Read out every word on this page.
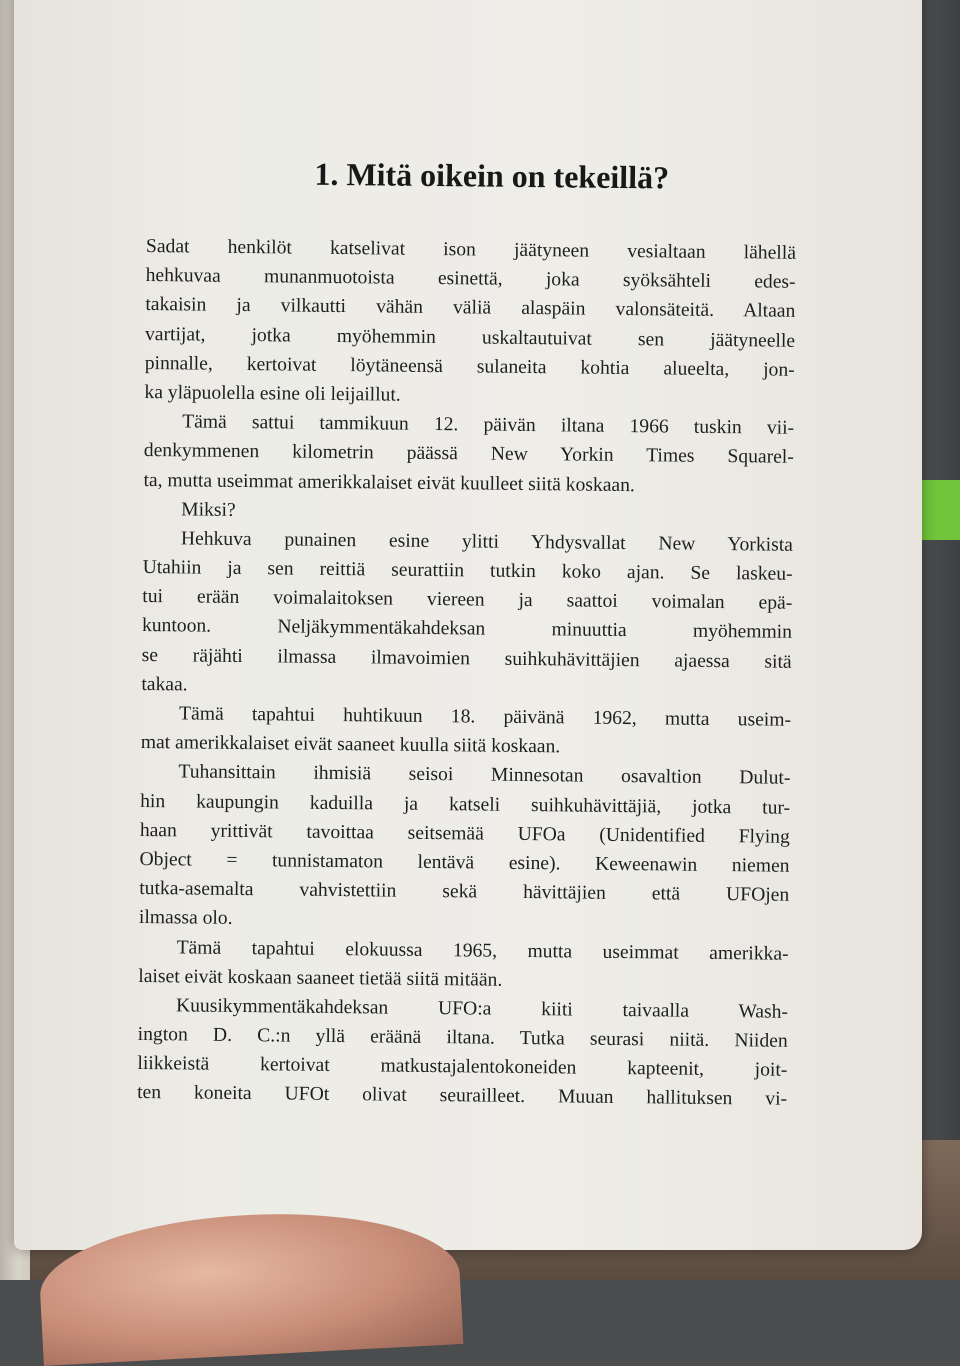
1. Mitä oikein on tekeillä?
Sadat henkilöt katselivat ison jäätyneen vesialtaan lähellä
hehkuvaa munanmuotoista esinettä, joka syöksähteli edes-
takaisin ja vilkautti vähän väliä alaspäin valonsäteitä. Altaan
vartijat, jotka myöhemmin uskaltautuivat sen jäätyneelle
pinnalle, kertoivat löytäneensä sulaneita kohtia alueelta, jon-
ka yläpuolella esine oli leijaillut.
Tämä sattui tammikuun 12. päivän iltana 1966 tuskin vii-
denkymmenen kilometrin päässä New Yorkin Times Squarel-
ta, mutta useimmat amerikkalaiset eivät kuulleet siitä koskaan.
Miksi?
Hehkuva punainen esine ylitti Yhdysvallat New Yorkista
Utahiin ja sen reittiä seurattiin tutkin koko ajan. Se laskeu-
tui erään voimalaitoksen viereen ja saattoi voimalan epä-
kuntoon. Neljäkymmentäkahdeksan minuuttia myöhemmin
se räjähti ilmassa ilmavoimien suihkuhävittäjien ajaessa sitä
takaa.
Tämä tapahtui huhtikuun 18. päivänä 1962, mutta useim-
mat amerikkalaiset eivät saaneet kuulla siitä koskaan.
Tuhansittain ihmisiä seisoi Minnesotan osavaltion Dulut-
hin kaupungin kaduilla ja katseli suihkuhävittäjiä, jotka tur-
haan yrittivät tavoittaa seitsemää UFOa (Unidentified Flying
Object = tunnistamaton lentävä esine). Keweenawin niemen
tutka-asemalta vahvistettiin sekä hävittäjien että UFOjen
ilmassa olo.
Tämä tapahtui elokuussa 1965, mutta useimmat amerikka-
laiset eivät koskaan saaneet tietää siitä mitään.
Kuusikymmentäkahdeksan UFO:a kiiti taivaalla Wash-
ington D. C.:n yllä eräänä iltana. Tutka seurasi niitä. Niiden
liikkeistä kertoivat matkustajalentokoneiden kapteenit, joit-
ten koneita UFOt olivat seurailleet. Muuan hallituksen vi-
